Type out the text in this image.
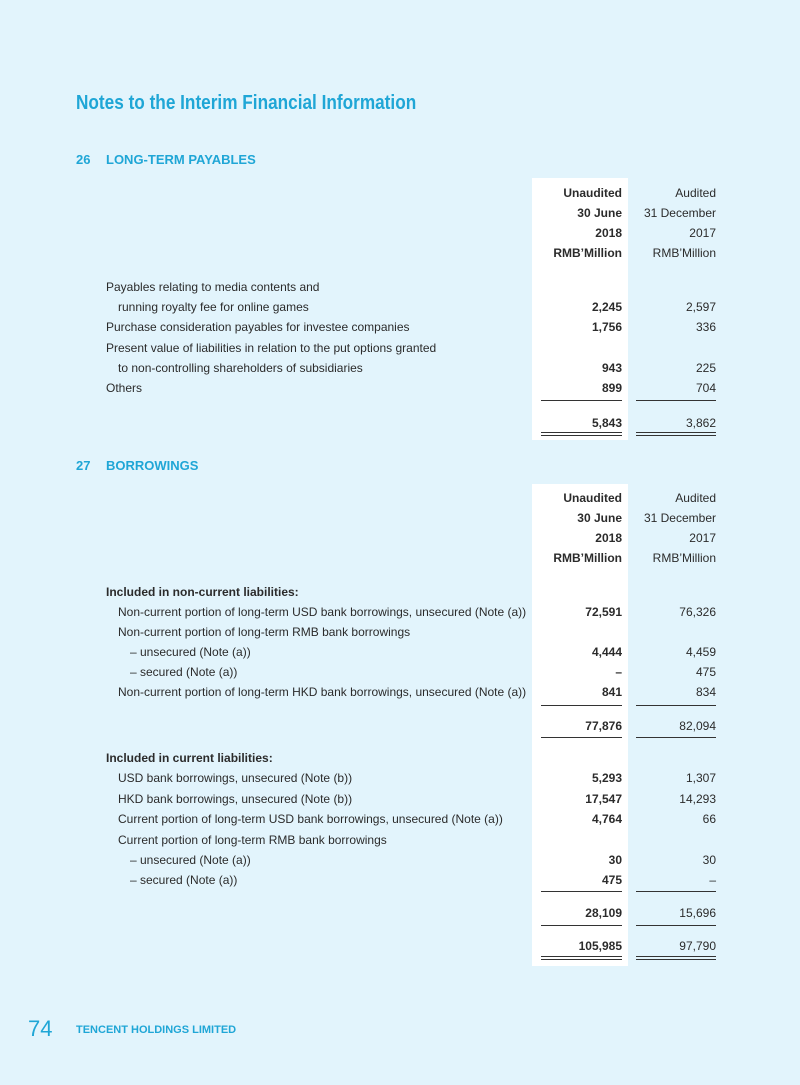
Notes to the Interim Financial Information
26 LONG-TERM PAYABLES
Unaudited	Audited
30 June 31 December
2018	2017
RMB’Million	RMB’Million
Payables relating to media contents and
running royalty fee for online games	2,245	2,597
Purchase consideration payables for investee companies	1,756	336
Present value of liabilities in relation to the put options granted
to non-controlling shareholders of subsidiaries	943	225
Others	899	704
5,843	3,862
27 BORROWINGS
Unaudited	Audited
30 June 31 December
2018	2017
RMB’Million	RMB’Million
Included in non-current liabilities:
Non-current portion of long-term USD bank borrowings, unsecured (Note (a))	72,591	76,326
Non-current portion of long-term RMB bank borrowings
– unsecured (Note (a))	4,444	4,459
– secured (Note (a))	–	475
Non-current portion of long-term HKD bank borrowings, unsecured (Note (a))	841	834
77,876	82,094
Included in current liabilities:
USD bank borrowings, unsecured (Note (b))	5,293	1,307
HKD bank borrowings, unsecured (Note (b))	17,547	14,293
Current portion of long-term USD bank borrowings, unsecured (Note (a))	4,764	66
Current portion of long-term RMB bank borrowings
– unsecured (Note (a))	30	30
– secured (Note (a))	475	–
28,109	15,696
105,985	97,790
74 TENCENT HOLDINGS LIMITED
